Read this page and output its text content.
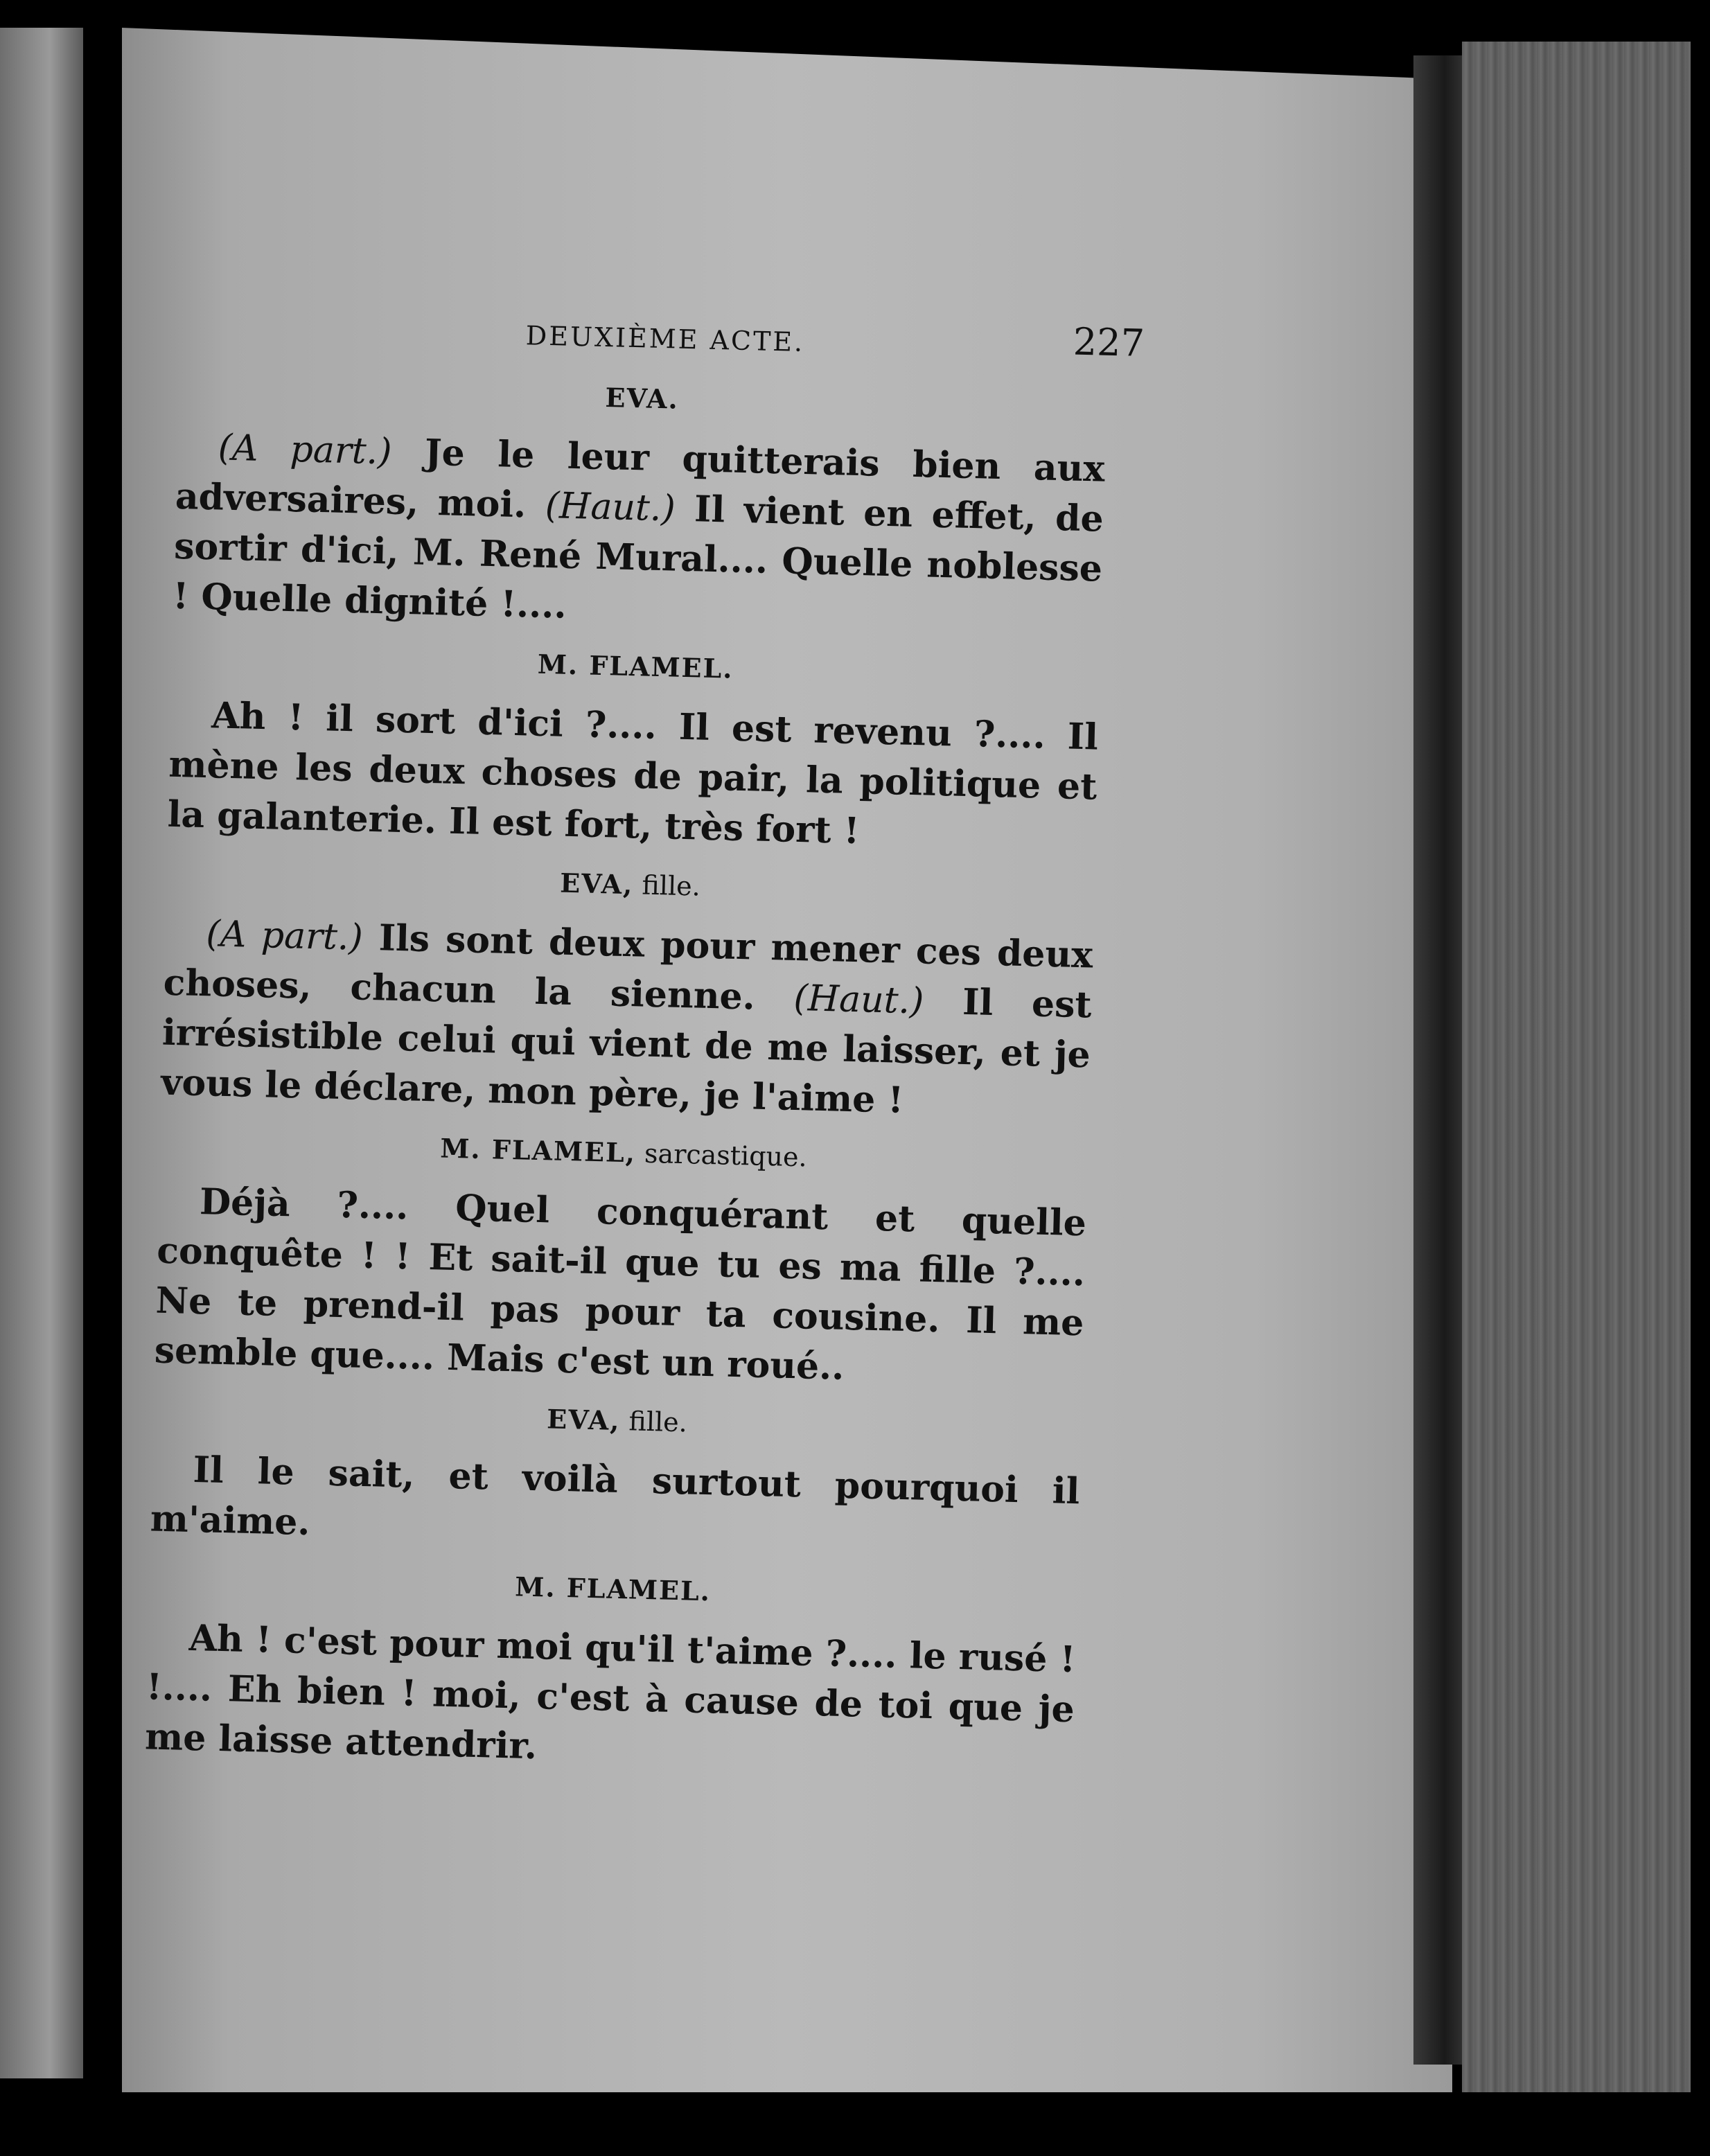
DEUXIÈME ACTE.	227
EVA.

(A part.) Je le leur quitterais bien aux adversaires, moi. (Haut.) Il vient en effet, de sortir d'ici, M. René Mural.... Quelle noblesse ! Quelle dignité !....

M. FLAMEL.

Ah ! il sort d'ici ?.... Il est revenu ?.... Il mène les deux choses de pair, la politique et la galanterie. Il est fort, très fort !

EVA, fille.

(A part.) Ils sont deux pour mener ces deux choses, chacun la sienne. (Haut.) Il est irrésistible celui qui vient de me laisser, et je vous le déclare, mon père, je l'aime !

M. FLAMEL, sarcastique.

Déjà ?.... Quel conquérant et quelle conquête ! ! Et sait-il que tu es ma fille ?.... Ne te prend-il pas pour ta cousine. Il me semble que.... Mais c'est un roué..

EVA, fille.

Il le sait, et voilà surtout pourquoi il m'aime.

M. FLAMEL.

Ah ! c'est pour moi qu'il t'aime ?.... le rusé ! !.... Eh bien ! moi, c'est à cause de toi que je me laisse attendrir.
